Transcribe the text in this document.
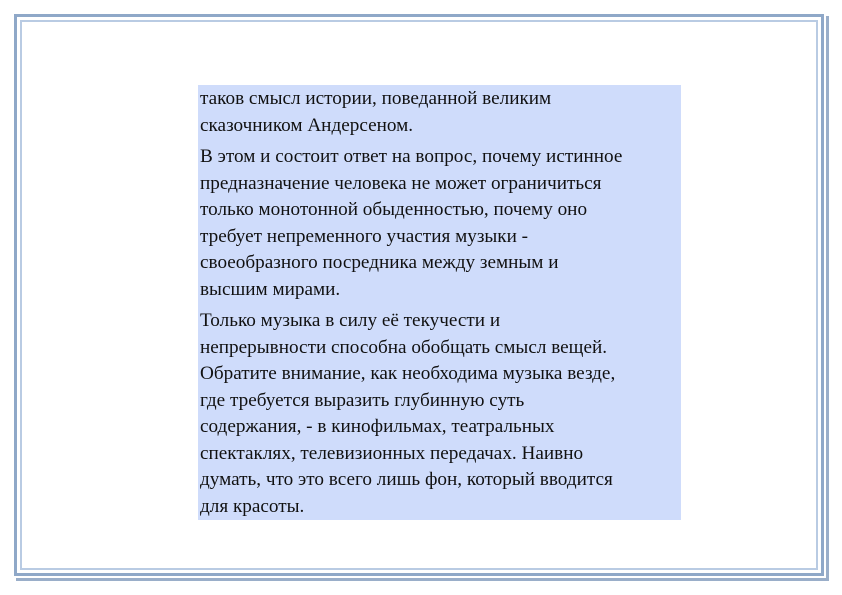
таков смысл истории, поведанной великим
сказочником Андерсеном.

В этом и состоит ответ на вопрос, почему истинное
предназначение человека не может ограничиться
только монотонной обыденностью, почему оно
требует непременного участия музыки -
своеобразного посредника между земным и
высшим мирами.

Только музыка в силу её текучести и
непрерывности способна обобщать смысл вещей.
Обратите внимание, как необходима музыка везде,
где требуется выразить глубинную суть
содержания, - в кинофильмах, театральных
спектаклях, телевизионных передачах. Наивно
думать, что это всего лишь фон, который вводится
для красоты.
